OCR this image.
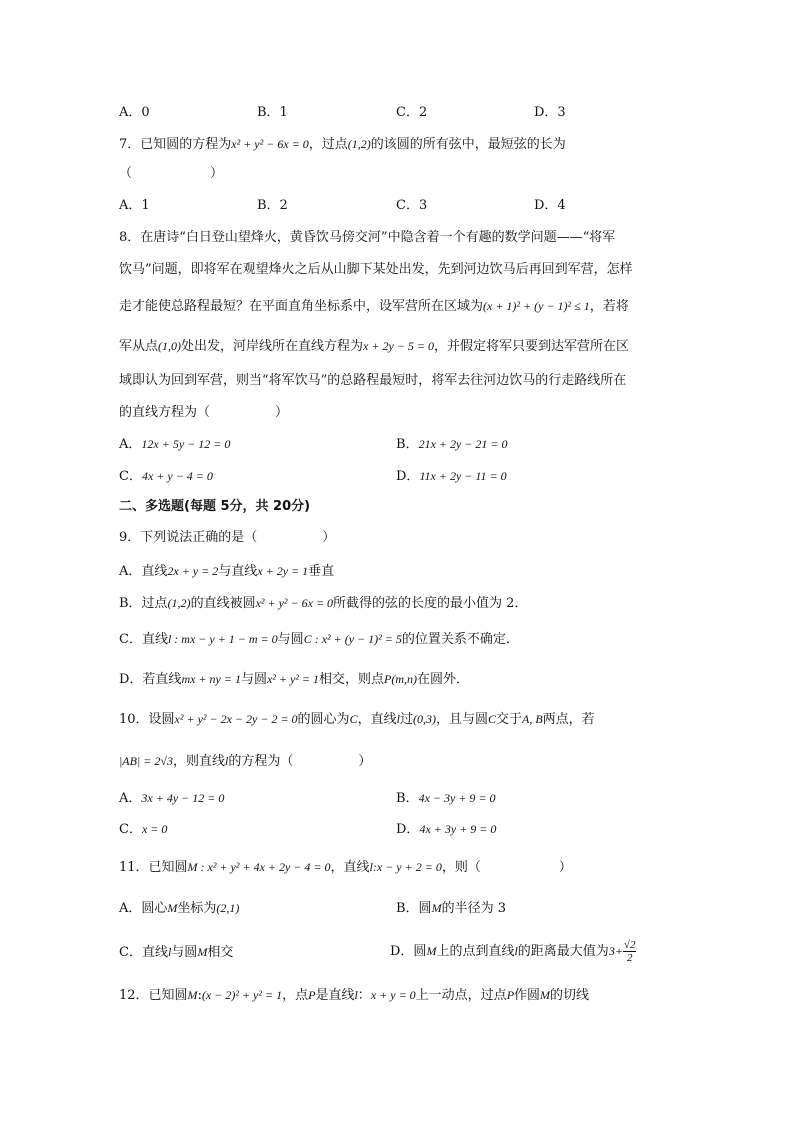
A．0	B．1	C．2	D．3
7．已知圆的方程为x² + y² − 6x = 0，过点(1,2)的该圆的所有弦中，最短弦的长为
（　　　　　　）
A．1	B．2	C．3	D．4
8．在唐诗“白日登山望烽火，黄昏饮马傍交河”中隐含着一个有趣的数学问题——“将军
饮马”问题，即将军在观望烽火之后从山脚下某处出发，先到河边饮马后再回到军营，怎样
走才能使总路程最短？在平面直角坐标系中，设军营所在区域为(x + 1)² + (y − 1)² ≤ 1，若将
军从点(1,0)处出发，河岸线所在直线方程为x + 2y − 5 = 0，并假定将军只要到达军营所在区
域即认为回到军营，则当“将军饮马”的总路程最短时，将军去往河边饮马的行走路线所在
的直线方程为（　　　　　）
A．12x + 5y − 12 = 0	B．21x + 2y − 21 = 0
C．4x + y − 4 = 0	D．11x + 2y − 11 = 0
二、多选题(每题 5分，共 20分)
9．下列说法正确的是（　　　　　）
A．直线2x + y = 2与直线x + 2y = 1垂直
B．过点(1,2)的直线被圆x² + y² − 6x = 0所截得的弦的长度的最小值为 2．
C．直线l : mx − y + 1 − m = 0与圆C : x² + (y − 1)² = 5的位置关系不确定．
D．若直线mx + ny = 1与圆x² + y² = 1相交，则点P(m,n)在圆外．
10．设圆x² + y² − 2x − 2y − 2 = 0的圆心为C，直线l过(0,3)，且与圆C交于A, B两点，若
|AB| = 2√3，则直线l的方程为（　　　　　）
A．3x + 4y − 12 = 0	B．4x − 3y + 9 = 0
C．x = 0	D．4x + 3y + 9 = 0
11．已知圆M : x² + y² + 4x + 2y − 4 = 0，直线l:x − y + 2 = 0，则（　　　　　　）
A．圆心M坐标为(2,1)	B．圆M的半径为 3
C．直线l与圆M相交	D．圆M上的点到直线l的距离最大值为$3+ \frac{√2}{2}$
12．已知圆M:(x − 2)² + y² = 1，点P是直线l：x + y = 0上一动点，过点P作圆M的切线
